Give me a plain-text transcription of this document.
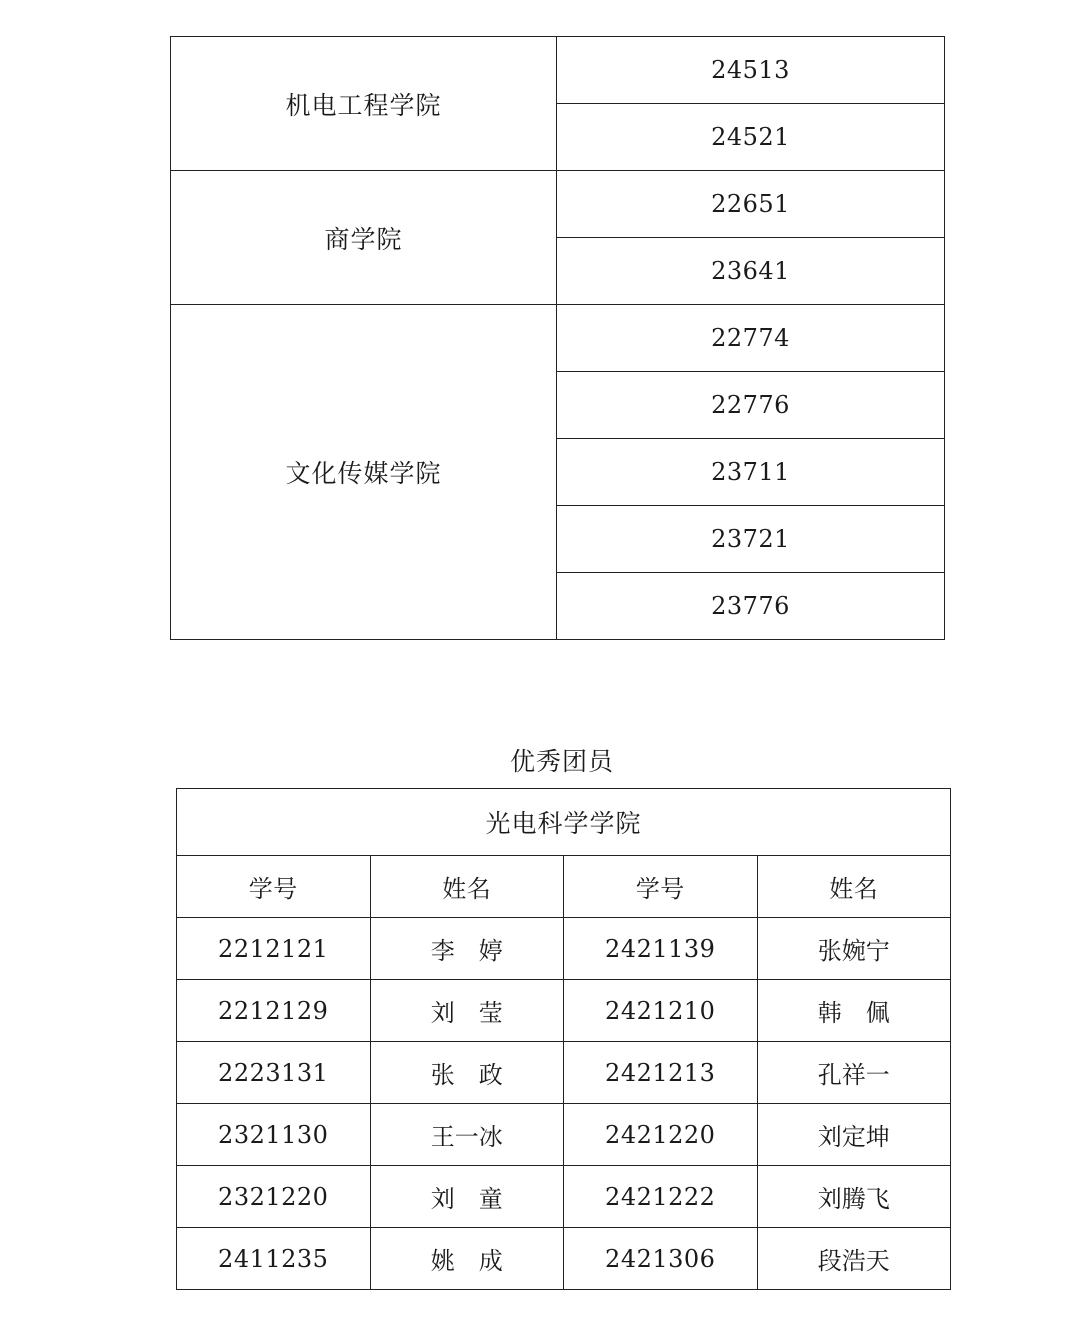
机电工程学院	24513
	24521
商学院	22651
	23641
文化传媒学院	22774
	22776
	23711
	23721
	23776
优秀团员
光电科学学院			
学号	姓名	学号	姓名
2212121	李　婷	2421139	张婉宁
2212129	刘　莹	2421210	韩　佩
2223131	张　政	2421213	孔祥一
2321130	王一冰	2421220	刘定坤
2321220	刘　童	2421222	刘腾飞
2411235	姚　成	2421306	段浩天
